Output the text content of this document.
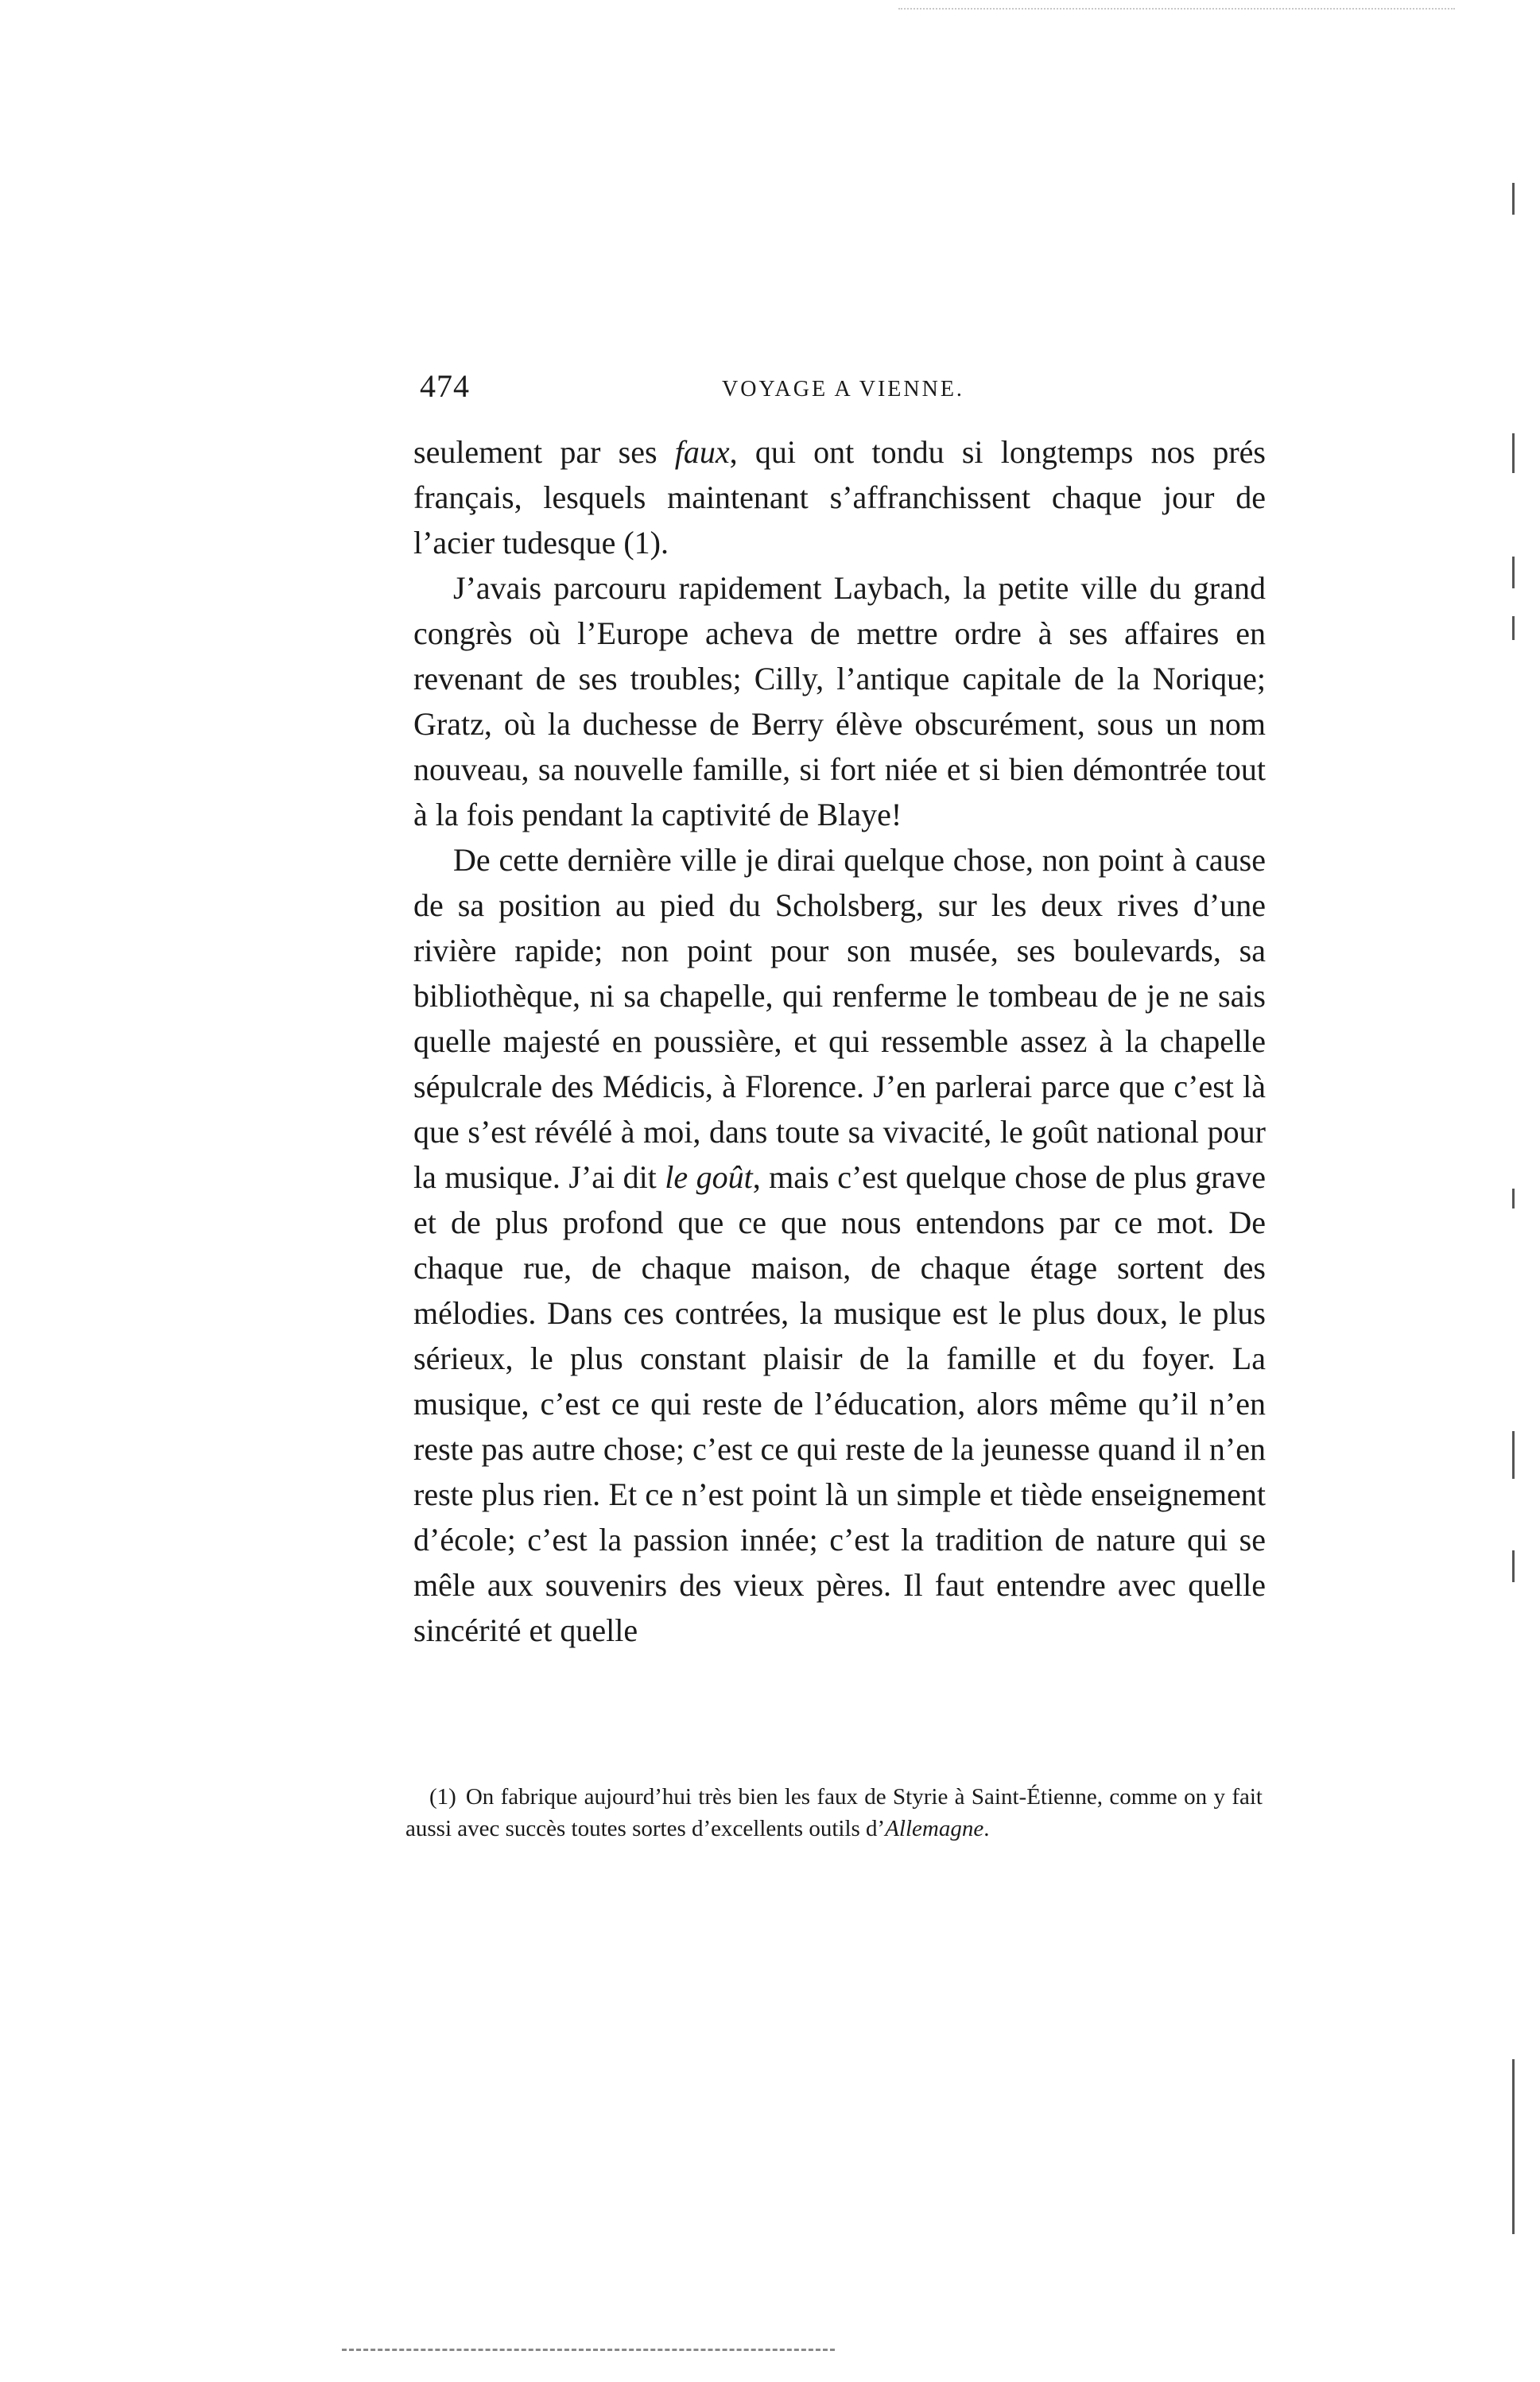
474	VOYAGE A VIENNE.

seulement par ses faux, qui ont tondu si longtemps nos prés français, lesquels maintenant s’affranchissent chaque jour de l’acier tudesque (1).

J’avais parcouru rapidement Laybach, la petite ville du grand congrès où l’Europe acheva de mettre ordre à ses affaires en revenant de ses troubles; Cilly, l’antique capitale de la Norique; Gratz, où la duchesse de Berry élève obscurément, sous un nom nouveau, sa nouvelle famille, si fort niée et si bien démontrée tout à la fois pendant la captivité de Blaye!

De cette dernière ville je dirai quelque chose, non point à cause de sa position au pied du Scholsberg, sur les deux rives d’une rivière rapide; non point pour son musée, ses boulevards, sa bibliothèque, ni sa chapelle, qui renferme le tombeau de je ne sais quelle majesté en poussière, et qui ressemble assez à la chapelle sépulcrale des Médicis, à Florence. J’en parlerai parce que c’est là que s’est révélé à moi, dans toute sa vivacité, le goût national pour la musique. J’ai dit le goût, mais c’est quelque chose de plus grave et de plus profond que ce que nous entendons par ce mot. De chaque rue, de chaque maison, de chaque étage sortent des mélodies. Dans ces contrées, la musique est le plus doux, le plus sérieux, le plus constant plaisir de la famille et du foyer. La musique, c’est ce qui reste de l’éducation, alors même qu’il n’en reste pas autre chose; c’est ce qui reste de la jeunesse quand il n’en reste plus rien. Et ce n’est point là un simple et tiède enseignement d’école; c’est la passion innée; c’est la tradition de nature qui se mêle aux souvenirs des vieux pères. Il faut entendre avec quelle sincérité et quelle

(1) On fabrique aujourd’hui très bien les faux de Styrie à Saint-Étienne, comme on y fait aussi avec succès toutes sortes d’excellents outils d’Allemagne.
